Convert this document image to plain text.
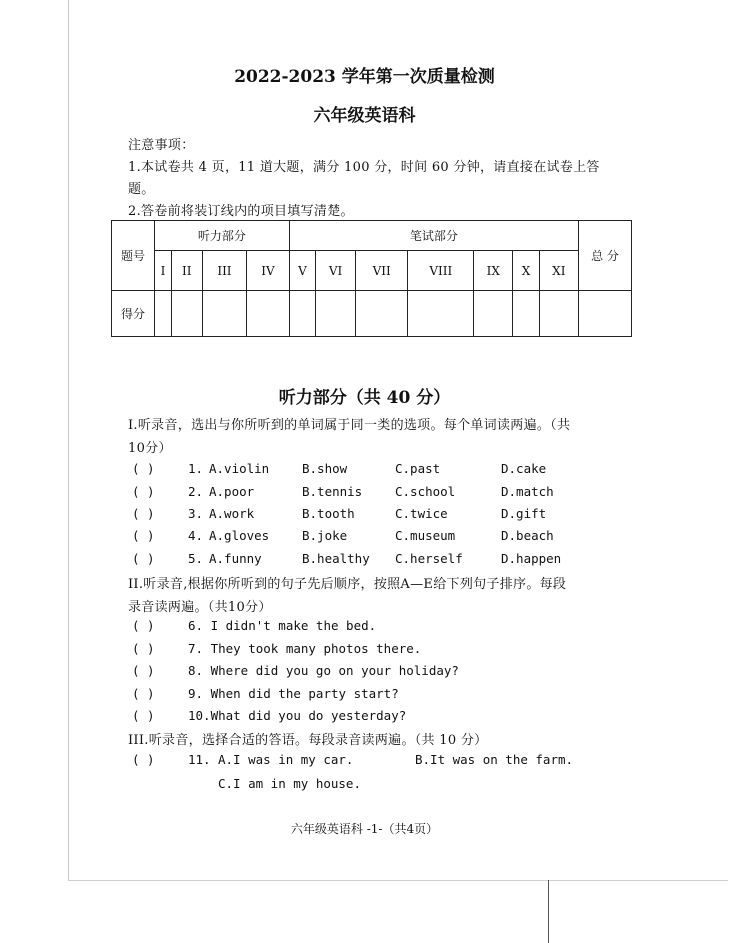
2022-2023 学年第一次质量检测
六年级英语科
注意事项：
1.本试卷共 4 页，11 道大题，满分 100 分，时间 60 分钟，请直接在试卷上答
题。
2.答卷前将装订线内的项目填写清楚。
题号	听力部分				笔试部分							总 分
	I	II	III	IV	V	VI	VII	VIII	IX	X	XI	
得分												
听力部分（共 40 分）
I.听录音，选出与你所听到的单词属于同一类的选项。每个单词读两遍。（共
10分）
( )	1. A.violin	B.show	C.past	D.cake
( )	2. A.poor	B.tennis	C.school	D.match
( )	3. A.work	B.tooth	C.twice	D.gift
( )	4. A.gloves	B.joke	C.museum	D.beach
( )	5. A.funny	B.healthy C.herself	D.happen
II.听录音,根据你所听到的句子先后顺序，按照A—E给下列句子排序。每段
录音读两遍。（共10分）
( )	6. I didn't make the bed.
( )	7. They took many photos there.
( )	8. Where did you go on your holiday?
( )	9. When did the party start?
( )	10.What did you do yesterday?
III.听录音，选择合适的答语。每段录音读两遍。（共 10 分）
( )	11. A.I was in my car.	B.It was on the farm.
C.I am in my house.
六年级英语科 -1-（共4页）
